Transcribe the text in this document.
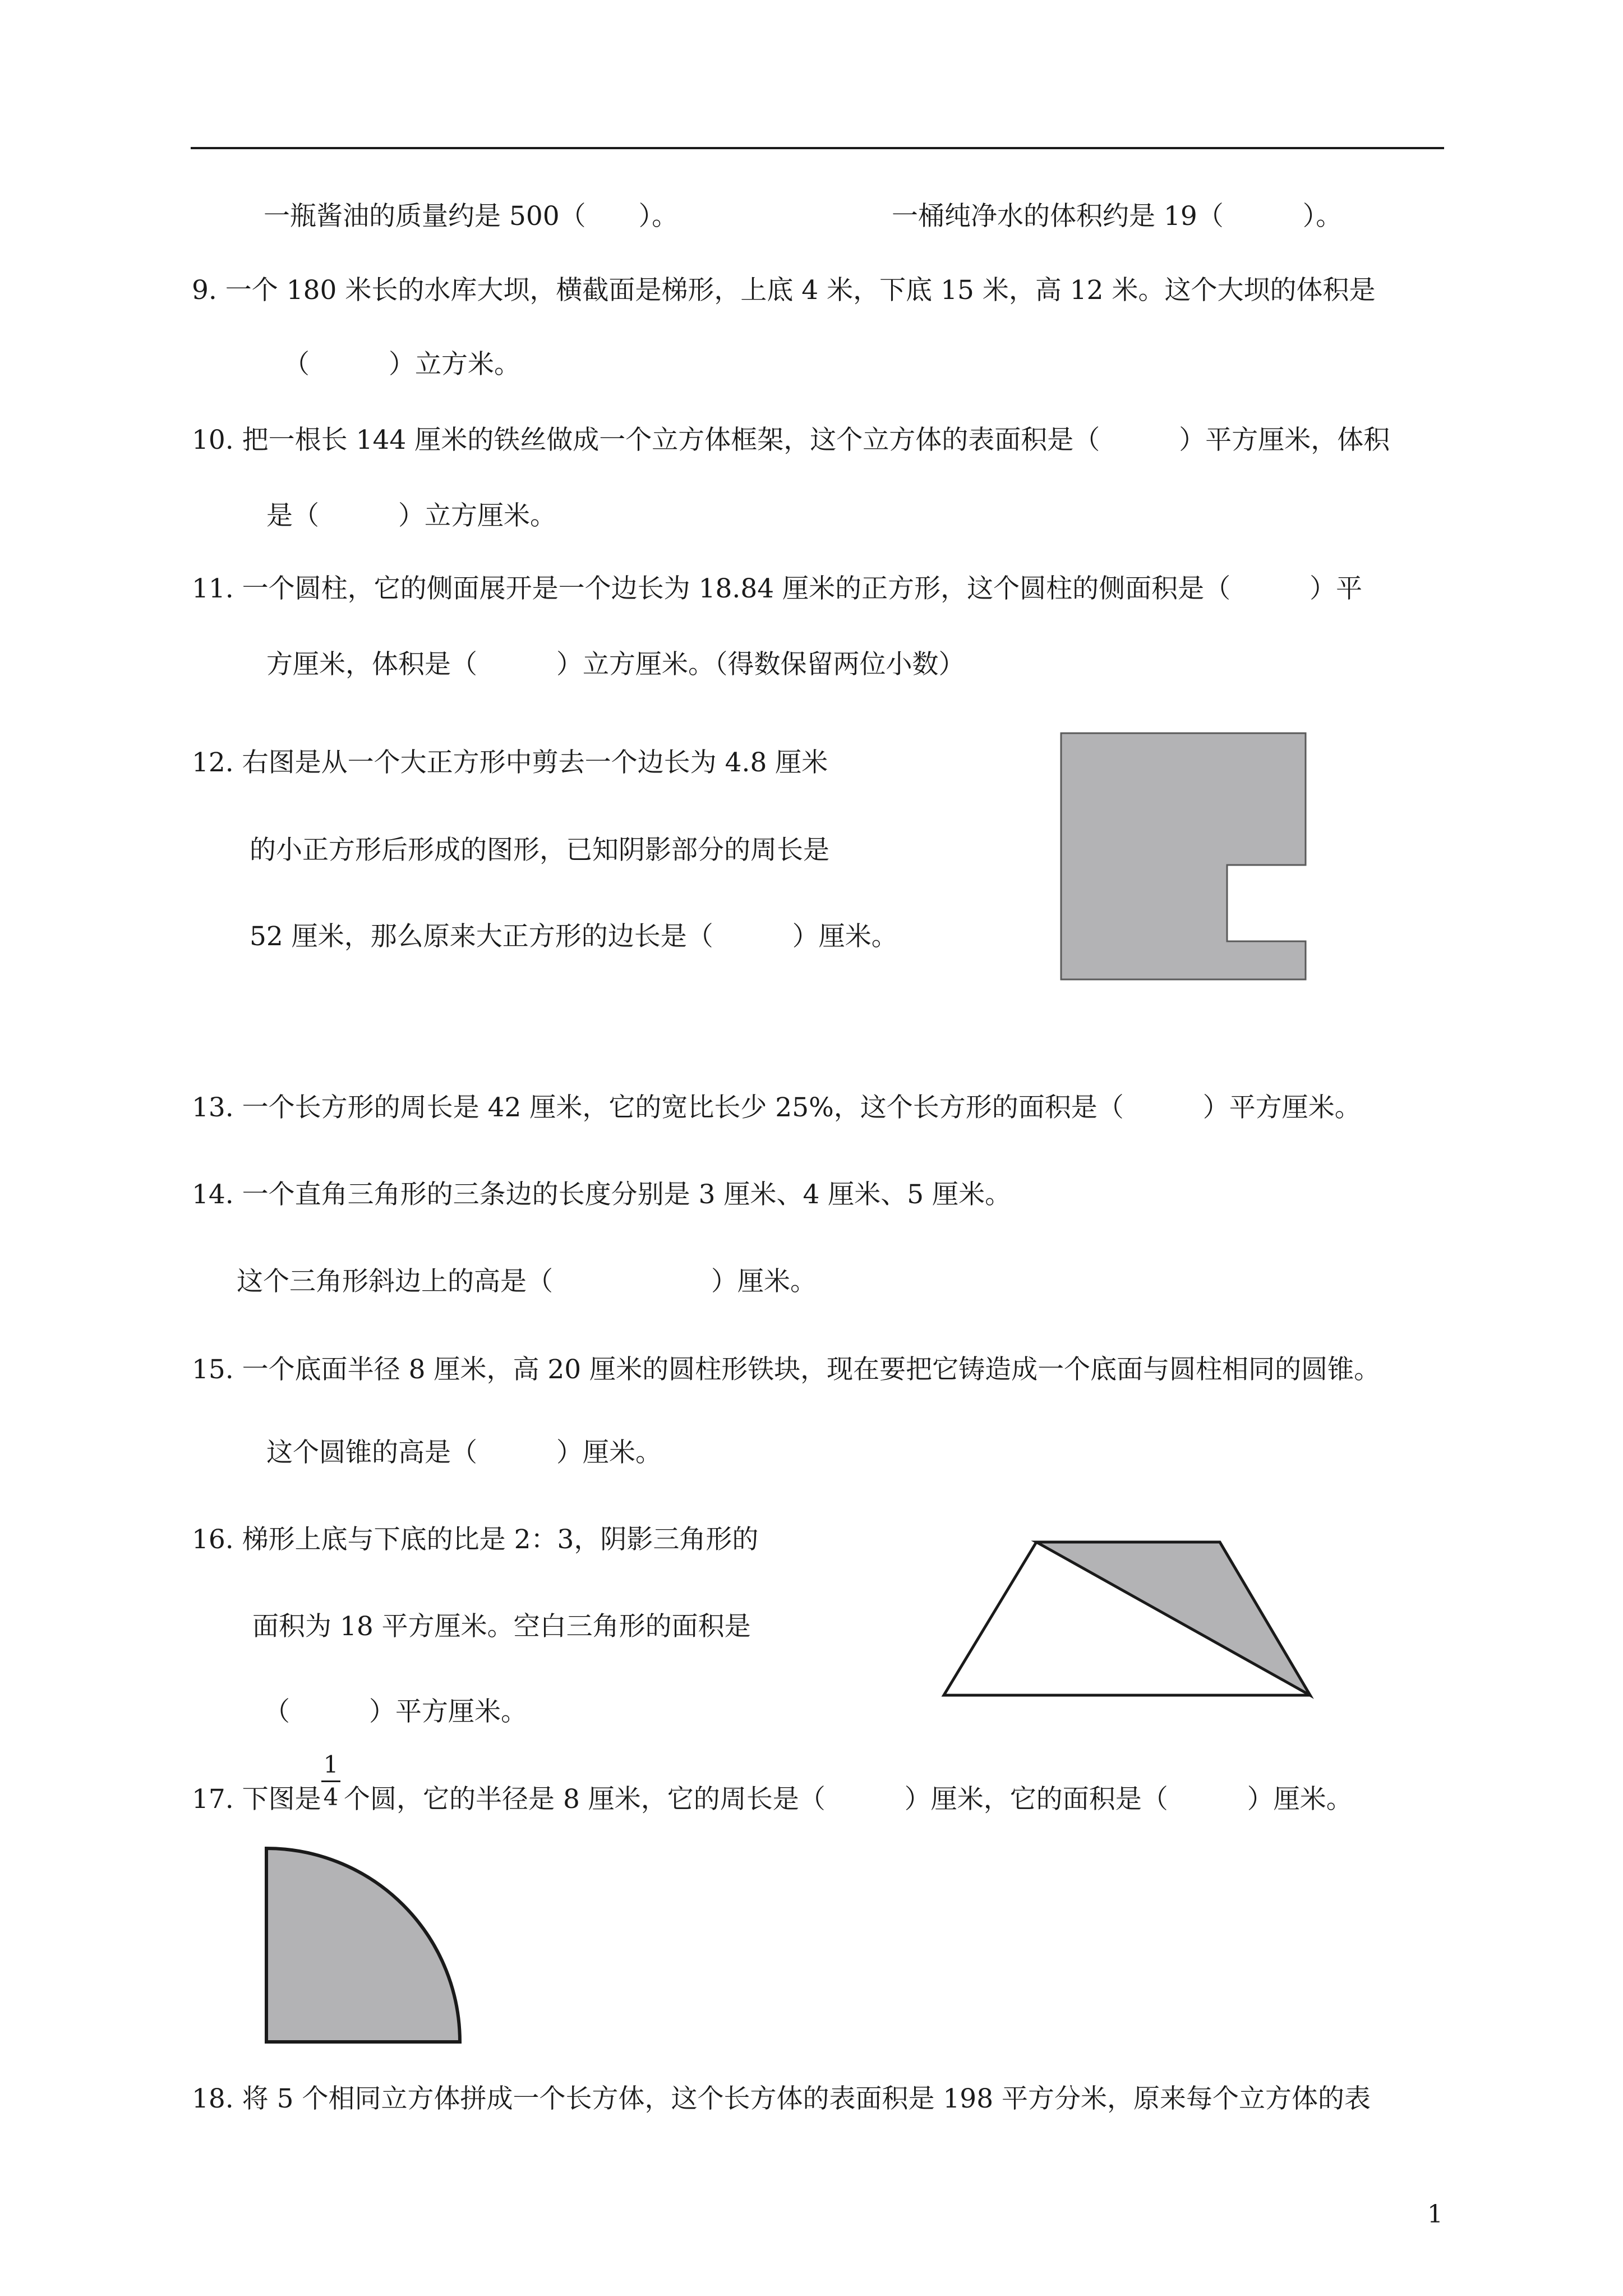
一瓶酱油的质量约是 500（　　）。	一桶纯净水的体积约是 19（　　　）。
9. 一个 180 米长的水库大坝，横截面是梯形，上底 4 米，下底 15 米，高 12 米。这个大坝的体积是
（　　　）立方米。
10. 把一根长 144 厘米的铁丝做成一个立方体框架，这个立方体的表面积是（　　　）平方厘米，体积
是（　　　）立方厘米。
11. 一个圆柱，它的侧面展开是一个边长为 18.84 厘米的正方形，这个圆柱的侧面积是（　　　）平
方厘米，体积是（　　　）立方厘米。（得数保留两位小数）
12. 右图是从一个大正方形中剪去一个边长为 4.8 厘米
的小正方形后形成的图形，已知阴影部分的周长是
52 厘米，那么原来大正方形的边长是（　　　）厘米。
13. 一个长方形的周长是 42 厘米，它的宽比长少 25%，这个长方形的面积是（　　　）平方厘米。
14. 一个直角三角形的三条边的长度分别是 3 厘米、4 厘米、5 厘米。
这个三角形斜边上的高是（　　　　　　）厘米。
15. 一个底面半径 8 厘米，高 20 厘米的圆柱形铁块，现在要把它铸造成一个底面与圆柱相同的圆锥。
这个圆锥的高是（　　　）厘米。
16. 梯形上底与下底的比是 2：3，阴影三角形的
面积为 18 平方厘米。空白三角形的面积是
（　　　）平方厘米。
17. 下图是
1
4 个圆，它的半径是 8 厘米，它的周长是（　　　）厘米，它的面积是（　　　）厘米。
18. 将 5 个相同立方体拼成一个长方体，这个长方体的表面积是 198 平方分米，原来每个立方体的表
1
